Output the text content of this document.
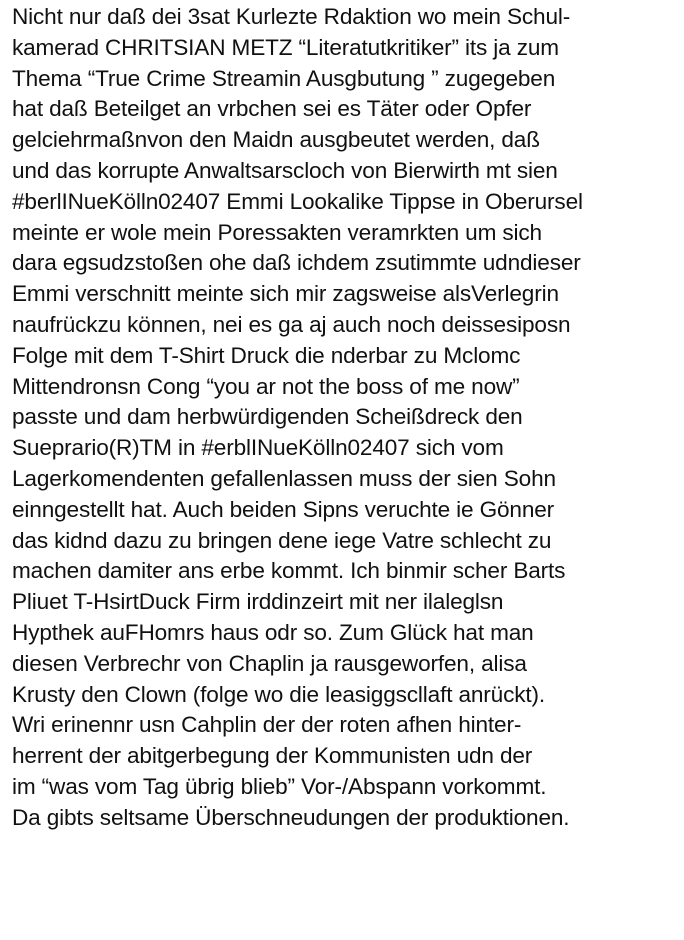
Nicht nur daß dei 3sat Kurlezte Rdaktion wo mein Schul-
kamerad CHRITSIAN METZ “Literatutkritiker” its ja zum
Thema “True Crime Streamin Ausgbutung ” zugegeben
hat daß Beteilget an vrbchen sei es Täter oder Opfer
gelciehrmaßnvon den Maidn ausgbeutet werden, daß
und das korrupte Anwaltsarscloch von Bierwirth mt sien
#berlINueKölln02407 Emmi Lookalike Tippse in Oberursel
meinte er wole mein Poressakten veramrkten um sich
dara egsudzstoßen ohe daß ichdem zsutimmte udndieser
Emmi verschnitt meinte sich mir zagsweise alsVerlegrin
naufrückzu können, nei es ga aj auch noch deissesiposn
Folge mit dem T-Shirt Druck die nderbar zu Mclomc
Mittendronsn Cong “you ar not the boss of me now”
passte und dam herbwürdigenden Scheißdreck den
Sueprario(R)TM in #erblINueKölln02407 sich vom
Lagerkomendenten gefallenlassen muss der sien Sohn
einngestellt hat. Auch beiden Sipns veruchte ie Gönner
das kidnd dazu zu bringen dene iege Vatre schlecht zu
machen damiter ans erbe kommt. Ich binmir scher Barts
Pliuet T-HsirtDuck Firm irddinzeirt mit ner ilaleglsn
Hypthek auFHomrs haus odr so. Zum Glück hat man
diesen Verbrechr von Chaplin ja rausgeworfen, alisa
Krusty den Clown (folge wo die leasiggsсllaft anrückt).
Wri erinennr usn Cahplin der der roten afhen hinter-
herrent der abitgerbegung der Kommunisten udn der
im “was vom Tag übrig blieb” Vor-/Abspann vorkommt.
Da gibts seltsame Überschneudungen der produktionen.
